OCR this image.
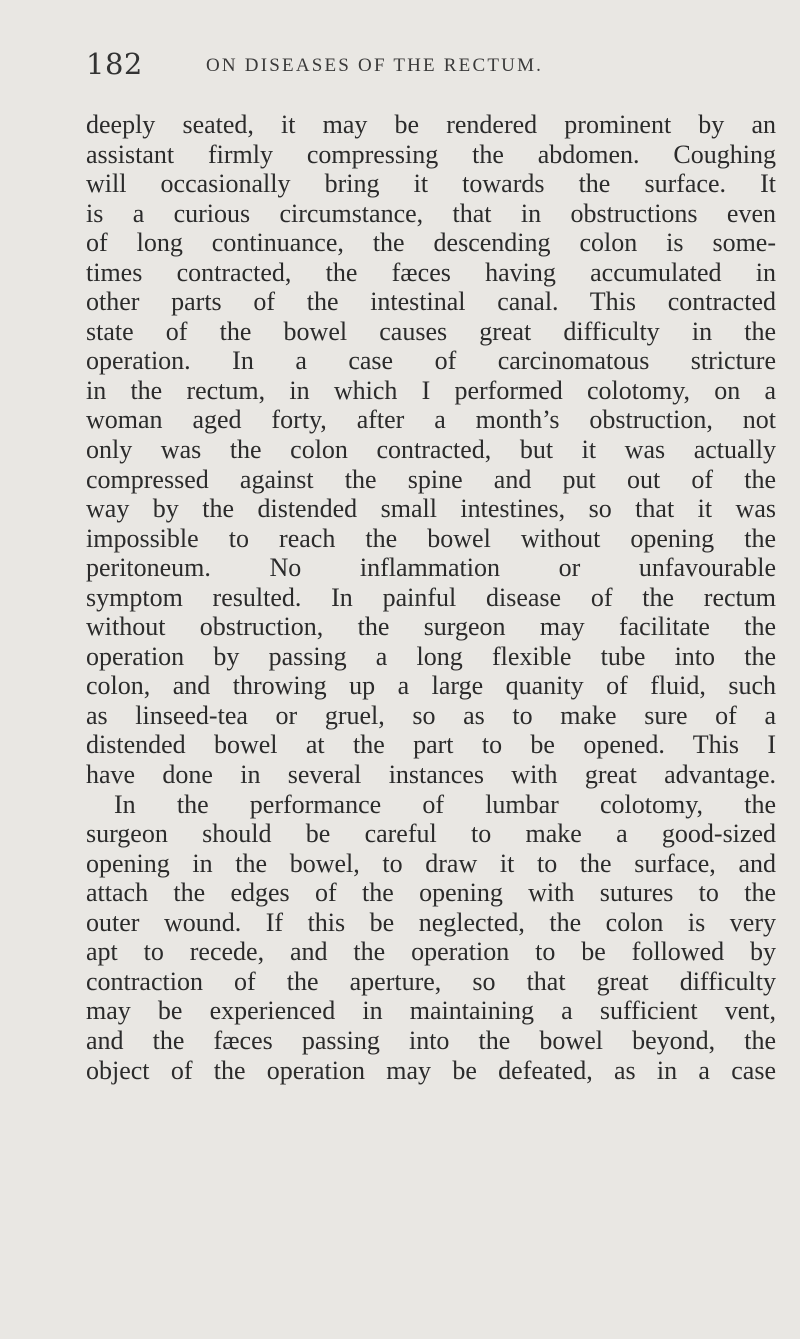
182	ON DISEASES OF THE RECTUM.
deeply seated, it may be rendered prominent by an
assistant firmly compressing the abdomen. Coughing
will occasionally bring it towards the surface. It
is a curious circumstance, that in obstructions even
of long continuance, the descending colon is some-
times contracted, the fæces having accumulated in
other parts of the intestinal canal. This contracted
state of the bowel causes great difficulty in the
operation. In a case of carcinomatous stricture
in the rectum, in which I performed colotomy, on a
woman aged forty, after a month’s obstruction, not
only was the colon contracted, but it was actually
compressed against the spine and put out of the
way by the distended small intestines, so that it was
impossible to reach the bowel without opening the
peritoneum. No inflammation or unfavourable
symptom resulted. In painful disease of the rectum
without obstruction, the surgeon may facilitate the
operation by passing a long flexible tube into the
colon, and throwing up a large quanity of fluid, such
as linseed-tea or gruel, so as to make sure of a
distended bowel at the part to be opened. This I
have done in several instances with great advantage.
In the performance of lumbar colotomy, the
surgeon should be careful to make a good-sized
opening in the bowel, to draw it to the surface, and
attach the edges of the opening with sutures to the
outer wound. If this be neglected, the colon is very
apt to recede, and the operation to be followed by
contraction of the aperture, so that great difficulty
may be experienced in maintaining a sufficient vent,
and the fæces passing into the bowel beyond, the
object of the operation may be defeated, as in a case
